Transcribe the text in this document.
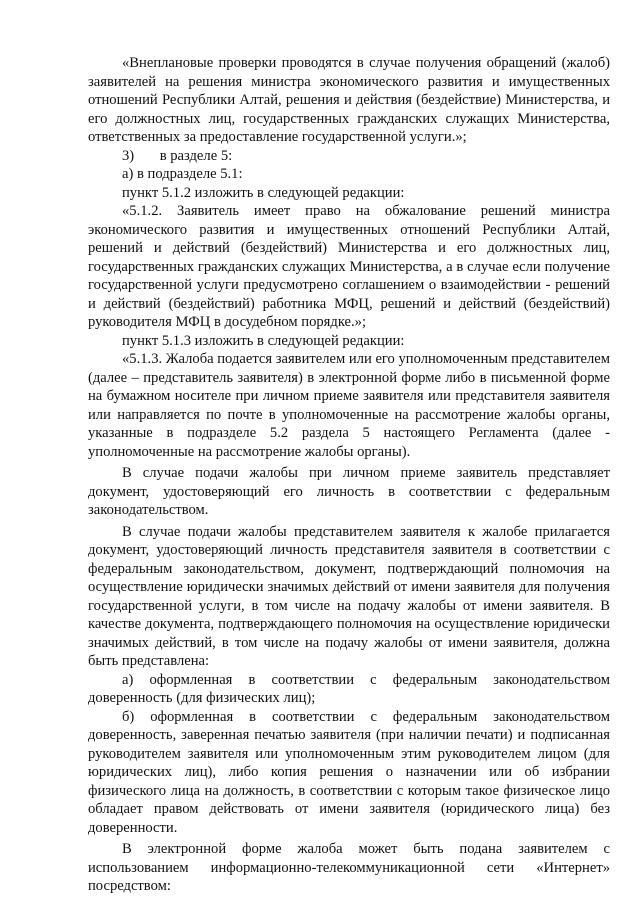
«Внеплановые проверки проводятся в случае получения обращений (жалоб) заявителей на решения министра экономического развития и имущественных отношений Республики Алтай, решения и действия (бездействие) Министерства, и его должностных лиц, государственных гражданских служащих Министерства, ответственных за предоставление государственной услуги.»;

3)       в разделе 5:

а) в подразделе 5.1:

пункт 5.1.2 изложить в следующей редакции:

«5.1.2. Заявитель имеет право на обжалование решений министра экономического развития и имущественных отношений Республики Алтай, решений и действий (бездействий) Министерства и его должностных лиц, государственных гражданских служащих Министерства, а в случае если получение государственной услуги предусмотрено соглашением о взаимодействии - решений и действий (бездействий) работника МФЦ, решений и действий (бездействий) руководителя МФЦ в досудебном порядке.»;

пункт 5.1.3 изложить в следующей редакции:

«5.1.3. Жалоба подается заявителем или его уполномоченным представителем (далее – представитель заявителя) в электронной форме либо в письменной форме на бумажном носителе при личном приеме заявителя или представителя заявителя или направляется по почте в уполномоченные на рассмотрение жалобы органы, указанные в подразделе 5.2 раздела 5 настоящего Регламента (далее - уполномоченные на рассмотрение жалобы органы).

В случае подачи жалобы при личном приеме заявитель представляет документ, удостоверяющий его личность в соответствии с федеральным законодательством.

В случае подачи жалобы представителем заявителя к жалобе прилагается документ, удостоверяющий личность представителя заявителя в соответствии с федеральным законодательством, документ, подтверждающий полномочия на осуществление юридически значимых действий от имени заявителя для получения государственной услуги, в том числе на подачу жалобы от имени заявителя. В качестве документа, подтверждающего полномочия на осуществление юридически значимых действий, в том числе на подачу жалобы от имени заявителя, должна быть представлена:

а) оформленная в соответствии с федеральным законодательством доверенность (для физических лиц);

б) оформленная в соответствии с федеральным законодательством доверенность, заверенная печатью заявителя (при наличии печати) и подписанная руководителем заявителя или уполномоченным этим руководителем лицом (для юридических лиц), либо копия решения о назначении или об избрании физического лица на должность, в соответствии с которым такое физическое лицо обладает правом действовать от имени заявителя (юридического лица) без доверенности.

В электронной форме жалоба может быть подана заявителем с использованием информационно-телекоммуникационной сети «Интернет» посредством:
